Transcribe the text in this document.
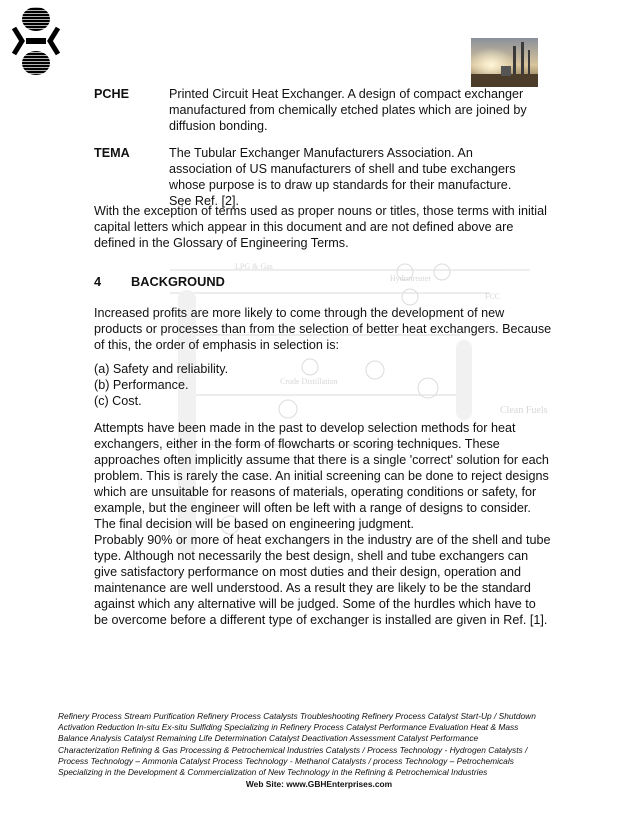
LPG & Gas
Clean Fuels
Crude Distillation
Hydrotreater
FCC
PCHE	Printed Circuit Heat Exchanger. A design of compact exchanger manufactured from chemically etched plates which are joined by diffusion bonding.
TEMA	The Tubular Exchanger Manufacturers Association. An association of US manufacturers of shell and tube exchangers whose purpose is to draw up standards for their manufacture. See Ref. [2].
With the exception of terms used as proper nouns or titles, those terms with initial capital letters which appear in this document and are not defined above are defined in the Glossary of Engineering Terms.
4 BACKGROUND
Increased profits are more likely to come through the development of new products or processes than from the selection of better heat exchangers. Because of this, the order of emphasis in selection is:
(a) Safety and reliability.
(b) Performance.
(c) Cost.
Attempts have been made in the past to develop selection methods for heat exchangers, either in the form of flowcharts or scoring techniques. These approaches often implicitly assume that there is a single 'correct' solution for each problem. This is rarely the case. An initial screening can be done to reject designs which are unsuitable for reasons of materials, operating conditions or safety, for example, but the engineer will often be left with a range of designs to consider. The final decision will be based on engineering judgment.
Probably 90% or more of heat exchangers in the industry are of the shell and tube type. Although not necessarily the best design, shell and tube exchangers can give satisfactory performance on most duties and their design, operation and maintenance are well understood. As a result they are likely to be the standard against which any alternative will be judged. Some of the hurdles which have to be overcome before a different type of exchanger is installed are given in Ref. [1].
Refinery Process Stream Purification Refinery Process Catalysts Troubleshooting Refinery Process Catalyst Start-Up / Shutdown
Activation Reduction In-situ Ex-situ Sulfiding Specializing in Refinery Process Catalyst Performance Evaluation Heat & Mass
Balance Analysis Catalyst Remaining Life Determination Catalyst Deactivation Assessment Catalyst Performance
Characterization Refining & Gas Processing & Petrochemical Industries Catalysts / Process Technology - Hydrogen Catalysts /
Process Technology – Ammonia Catalyst Process Technology - Methanol Catalysts / process Technology – Petrochemicals
Specializing in the Development & Commercialization of New Technology in the Refining & Petrochemical Industries
Web Site: www.GBHEnterprises.com
